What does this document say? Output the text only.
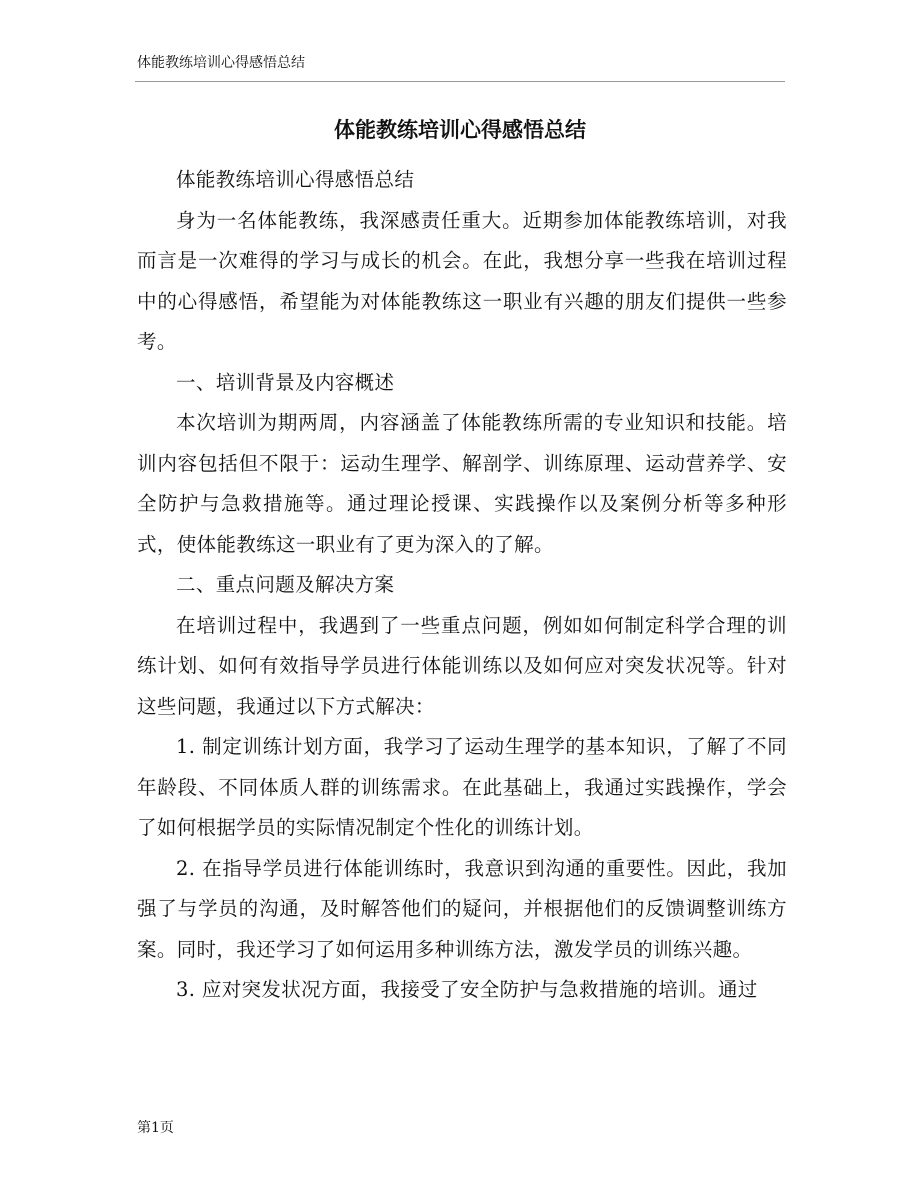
体能教练培训心得感悟总结
体能教练培训心得感悟总结

体能教练培训心得感悟总结

身为一名体能教练，我深感责任重大。近期参加体能教练培训，对我而言是一次难得的学习与成长的机会。在此，我想分享一些我在培训过程中的心得感悟，希望能为对体能教练这一职业有兴趣的朋友们提供一些参考。

一、培训背景及内容概述

本次培训为期两周，内容涵盖了体能教练所需的专业知识和技能。培训内容包括但不限于：运动生理学、解剖学、训练原理、运动营养学、安全防护与急救措施等。通过理论授课、实践操作以及案例分析等多种形式，使体能教练这一职业有了更为深入的了解。

二、重点问题及解决方案

在培训过程中，我遇到了一些重点问题，例如如何制定科学合理的训练计划、如何有效指导学员进行体能训练以及如何应对突发状况等。针对这些问题，我通过以下方式解决：

1. 制定训练计划方面，我学习了运动生理学的基本知识，了解了不同年龄段、不同体质人群的训练需求。在此基础上，我通过实践操作，学会了如何根据学员的实际情况制定个性化的训练计划。

2. 在指导学员进行体能训练时，我意识到沟通的重要性。因此，我加强了与学员的沟通，及时解答他们的疑问，并根据他们的反馈调整训练方案。同时，我还学习了如何运用多种训练方法，激发学员的训练兴趣。

3. 应对突发状况方面，我接受了安全防护与急救措施的培训。通过

第1页
